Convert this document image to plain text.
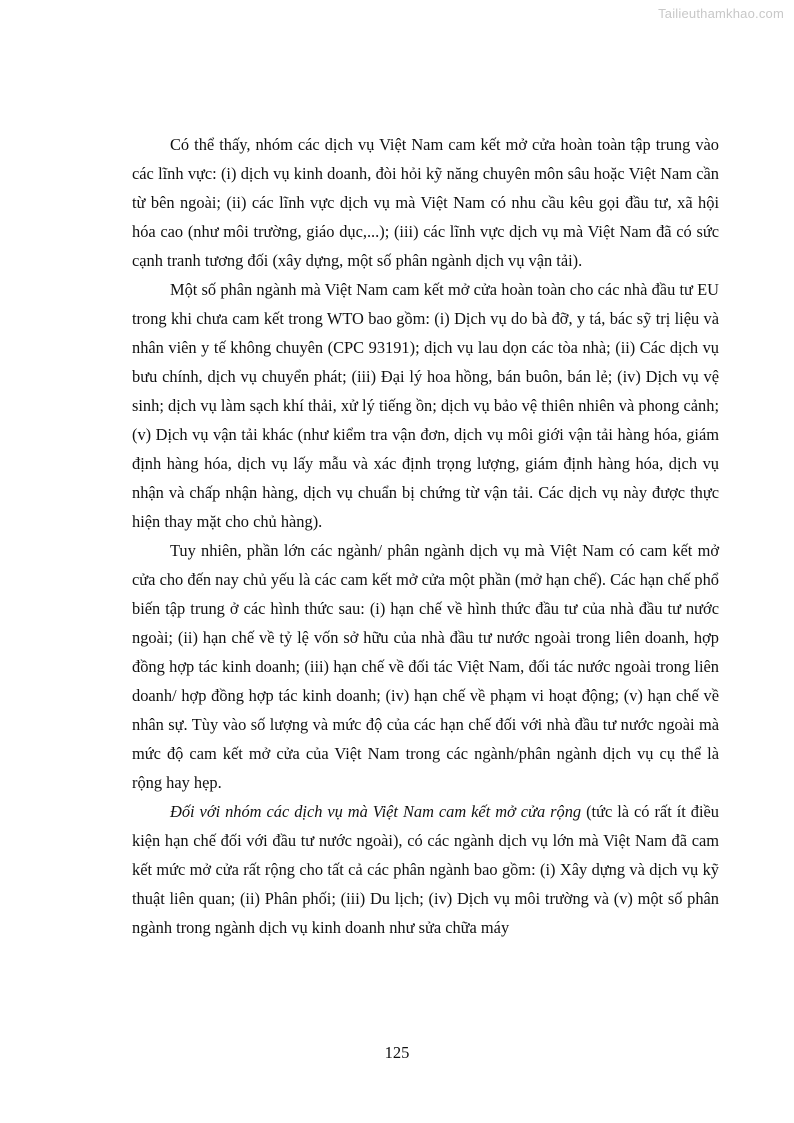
Tailieuthamkhao.com

Có thể thấy, nhóm các dịch vụ Việt Nam cam kết mở cửa hoàn toàn tập trung vào các lĩnh vực: (i) dịch vụ kinh doanh, đòi hỏi kỹ năng chuyên môn sâu hoặc Việt Nam cần từ bên ngoài; (ii) các lĩnh vực dịch vụ mà Việt Nam có nhu cầu kêu gọi đầu tư, xã hội hóa cao (như môi trường, giáo dục,...); (iii) các lĩnh vực dịch vụ mà Việt Nam đã có sức cạnh tranh tương đối (xây dựng, một số phân ngành dịch vụ vận tải).

Một số phân ngành mà Việt Nam cam kết mở cửa hoàn toàn cho các nhà đầu tư EU trong khi chưa cam kết trong WTO bao gồm: (i) Dịch vụ do bà đỡ, y tá, bác sỹ trị liệu và nhân viên y tế không chuyên (CPC 93191); dịch vụ lau dọn các tòa nhà; (ii) Các dịch vụ bưu chính, dịch vụ chuyển phát; (iii) Đại lý hoa hồng, bán buôn, bán lẻ; (iv) Dịch vụ vệ sinh; dịch vụ làm sạch khí thải, xử lý tiếng ồn; dịch vụ bảo vệ thiên nhiên và phong cảnh; (v) Dịch vụ vận tải khác (như kiểm tra vận đơn, dịch vụ môi giới vận tải hàng hóa, giám định hàng hóa, dịch vụ lấy mẫu và xác định trọng lượng, giám định hàng hóa, dịch vụ nhận và chấp nhận hàng, dịch vụ chuẩn bị chứng từ vận tải. Các dịch vụ này được thực hiện thay mặt cho chủ hàng).

Tuy nhiên, phần lớn các ngành/ phân ngành dịch vụ mà Việt Nam có cam kết mở cửa cho đến nay chủ yếu là các cam kết mở cửa một phần (mở hạn chế). Các hạn chế phổ biến tập trung ở các hình thức sau: (i) hạn chế về hình thức đầu tư của nhà đầu tư nước ngoài; (ii) hạn chế về tỷ lệ vốn sở hữu của nhà đầu tư nước ngoài trong liên doanh, hợp đồng hợp tác kinh doanh; (iii) hạn chế về đối tác Việt Nam, đối tác nước ngoài trong liên doanh/ hợp đồng hợp tác kinh doanh; (iv) hạn chế về phạm vi hoạt động; (v) hạn chế về nhân sự. Tùy vào số lượng và mức độ của các hạn chế đối với nhà đầu tư nước ngoài mà mức độ cam kết mở cửa của Việt Nam trong các ngành/phân ngành dịch vụ cụ thể là rộng hay hẹp.

Đối với nhóm các dịch vụ mà Việt Nam cam kết mở cửa rộng (tức là có rất ít điều kiện hạn chế đối với đầu tư nước ngoài), có các ngành dịch vụ lớn mà Việt Nam đã cam kết mức mở cửa rất rộng cho tất cả các phân ngành bao gồm: (i) Xây dựng và dịch vụ kỹ thuật liên quan; (ii) Phân phối; (iii) Du lịch; (iv) Dịch vụ môi trường và (v) một số phân ngành trong ngành dịch vụ kinh doanh như sửa chữa máy

125
